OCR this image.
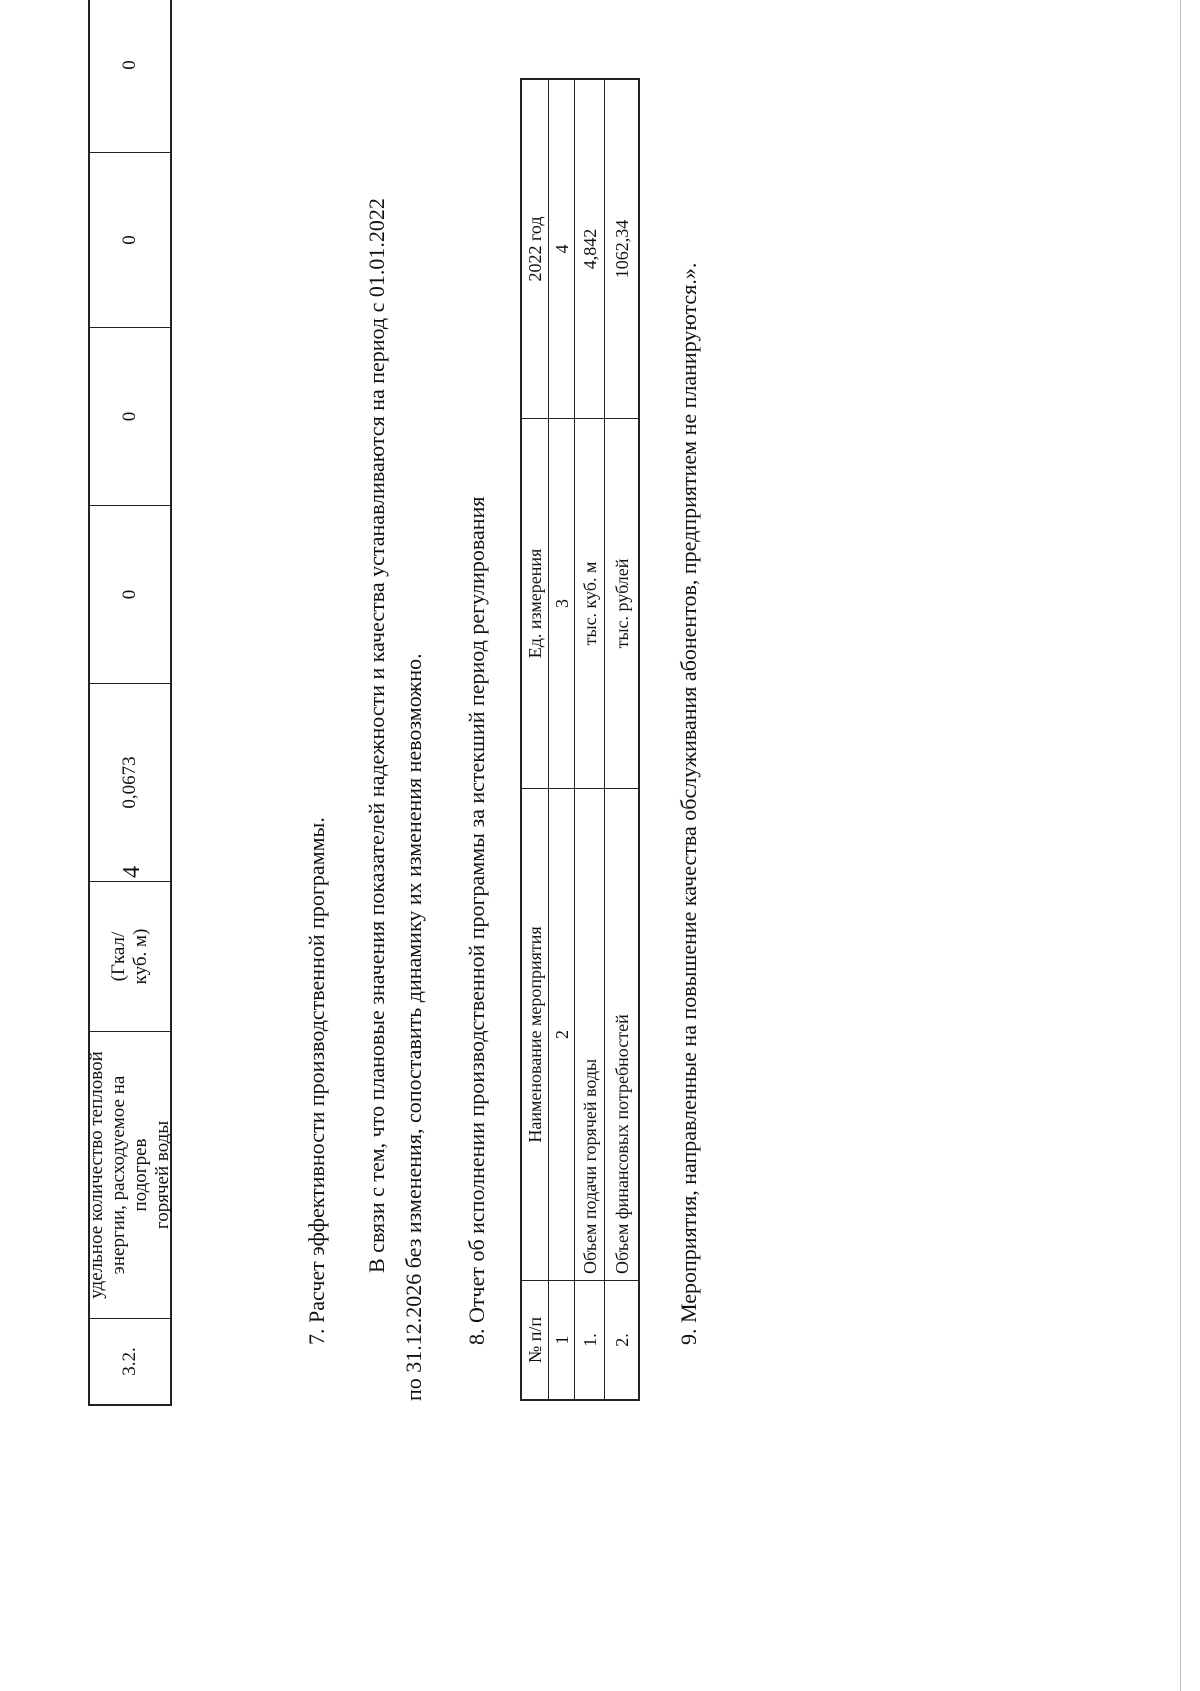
4
3.2.
удельное количество тепловой энергии, расходуемое на подогрев горячей воды
(Гкал/ куб. м)
0,0673
0
0
0
0
7. Расчет эффективности производственной программы. В связи с тем, что плановые значения показателей надежности и качества устанавливаются на период с 01.01.2022 по 31.12.2026 без изменения, сопоставить динамику их изменения невозможно. 8. Отчет об исполнении производственной программы за истекший период регулирования № п/п
Наименование мероприятия
Ед. измерения
2022 год
1
2
3
4
1.
Объем подачи горячей воды
тыс. куб. м
4,842
2.
Объем финансовых потребностей
тыс. рублей
1062,34
9. Мероприятия, направленные на повышение качества обслуживания абонентов, предприятием не планируются.».
